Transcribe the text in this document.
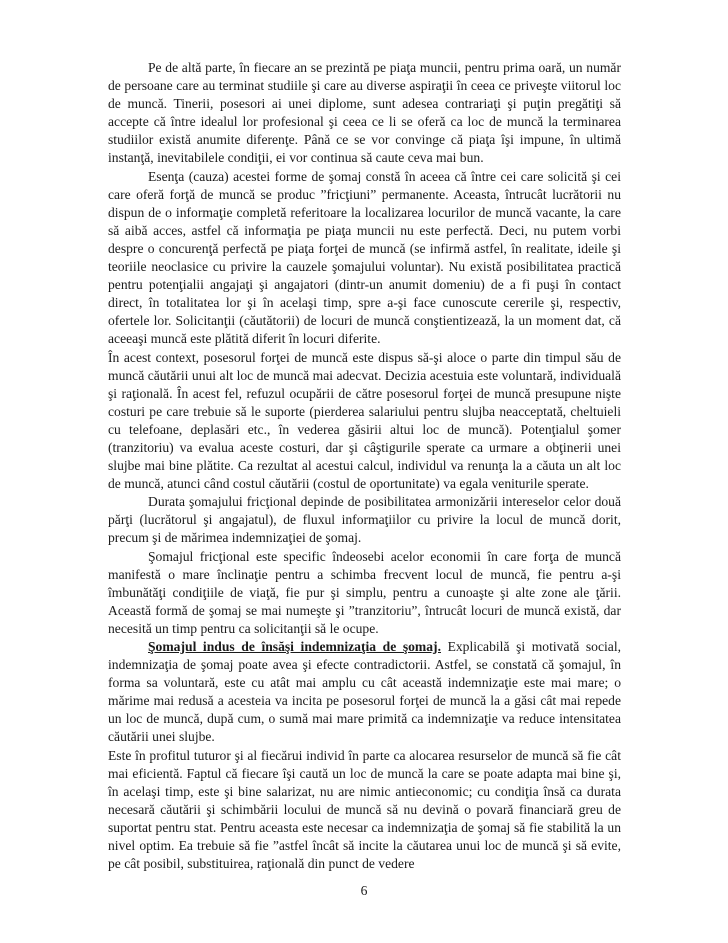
Pe de altă parte, în fiecare an se prezintă pe piaţa muncii, pentru prima oară, un număr de persoane care au terminat studiile şi care au diverse aspiraţii în ceea ce priveşte viitorul loc de muncă. Tinerii, posesori ai unei diplome, sunt adesea contrariaţi şi puţin pregătiţi să accepte că între idealul lor profesional şi ceea ce li se oferă ca loc de muncă la terminarea studiilor există anumite diferenţe. Până ce se vor convinge că piaţa îşi impune, în ultimă instanţă, inevitabilele condiţii, ei vor continua să caute ceva mai bun.

Esenţa (cauza) acestei forme de şomaj constă în aceea că între cei care solicită şi cei care oferă forţă de muncă se produc ”fricţiuni” permanente. Aceasta, întrucât lucrătorii nu dispun de o informaţie completă referitoare la localizarea locurilor de muncă vacante, la care să aibă acces, astfel că informaţia pe piaţa muncii nu este perfectă. Deci, nu putem vorbi despre o concurenţă perfectă pe piaţa forţei de muncă (se infirmă astfel, în realitate, ideile şi teoriile neoclasice cu privire la cauzele şomajului voluntar). Nu există posibilitatea practică pentru potenţialii angajaţi şi angajatori (dintr-un anumit domeniu) de a fi puşi în contact direct, în totalitatea lor şi în acelaşi timp, spre a-şi face cunoscute cererile şi, respectiv, ofertele lor. Solicitanţii (căutătorii) de locuri de muncă conştientizează, la un moment dat, că aceeaşi muncă este plătită diferit în locuri diferite.

În acest context, posesorul forţei de muncă este dispus să-şi aloce o parte din timpul său de muncă căutării unui alt loc de muncă mai adecvat. Decizia acestuia este voluntară, individuală şi raţională. În acest fel, refuzul ocupării de către posesorul forţei de muncă presupune nişte costuri pe care trebuie să le suporte (pierderea salariului pentru slujba neacceptată, cheltuieli cu telefoane, deplasări etc., în vederea găsirii altui loc de muncă). Potenţialul şomer (tranzitoriu) va evalua aceste costuri, dar şi câştigurile sperate ca urmare a obţinerii unei slujbe mai bine plătite. Ca rezultat al acestui calcul, individul va renunţa la a căuta un alt loc de muncă, atunci când costul căutării (costul de oportunitate) va egala veniturile sperate.

Durata şomajului fricţional depinde de posibilitatea armonizării intereselor celor două părţi (lucrătorul şi angajatul), de fluxul informaţiilor cu privire la locul de muncă dorit, precum şi de mărimea indemnizaţiei de şomaj.

Şomajul fricţional este specific îndeosebi acelor economii în care forţa de muncă manifestă o mare înclinaţie pentru a schimba frecvent locul de muncă, fie pentru a-şi îmbunătăţi condiţiile de viaţă, fie pur şi simplu, pentru a cunoaşte şi alte zone ale ţării. Această formă de şomaj se mai numeşte şi ”tranzitoriu”, întrucât locuri de muncă există, dar necesită un timp pentru ca solicitanţii să le ocupe.

Şomajul indus de însăşi indemnizaţia de şomaj. Explicabilă şi motivată social, indemnizaţia de şomaj poate avea şi efecte contradictorii. Astfel, se constată că şomajul, în forma sa voluntară, este cu atât mai amplu cu cât această indemnizaţie este mai mare; o mărime mai redusă a acesteia va incita pe posesorul forţei de muncă la a găsi cât mai repede un loc de muncă, după cum, o sumă mai mare primită ca indemnizaţie va reduce intensitatea căutării unei slujbe.

Este în profitul tuturor şi al fiecărui individ în parte ca alocarea resurselor de muncă să fie cât mai eficientă. Faptul că fiecare îşi caută un loc de muncă la care se poate adapta mai bine şi, în acelaşi timp, este şi bine salarizat, nu are nimic antieconomic; cu condiţia însă ca durata necesară căutării şi schimbării locului de muncă să nu devină o povară financiară greu de suportat pentru stat. Pentru aceasta este necesar ca indemnizaţia de şomaj să fie stabilită la un nivel optim. Ea trebuie să fie ”astfel încât să incite la căutarea unui loc de muncă şi să evite, pe cât posibil, substituirea, raţională din punct de vedere

6
